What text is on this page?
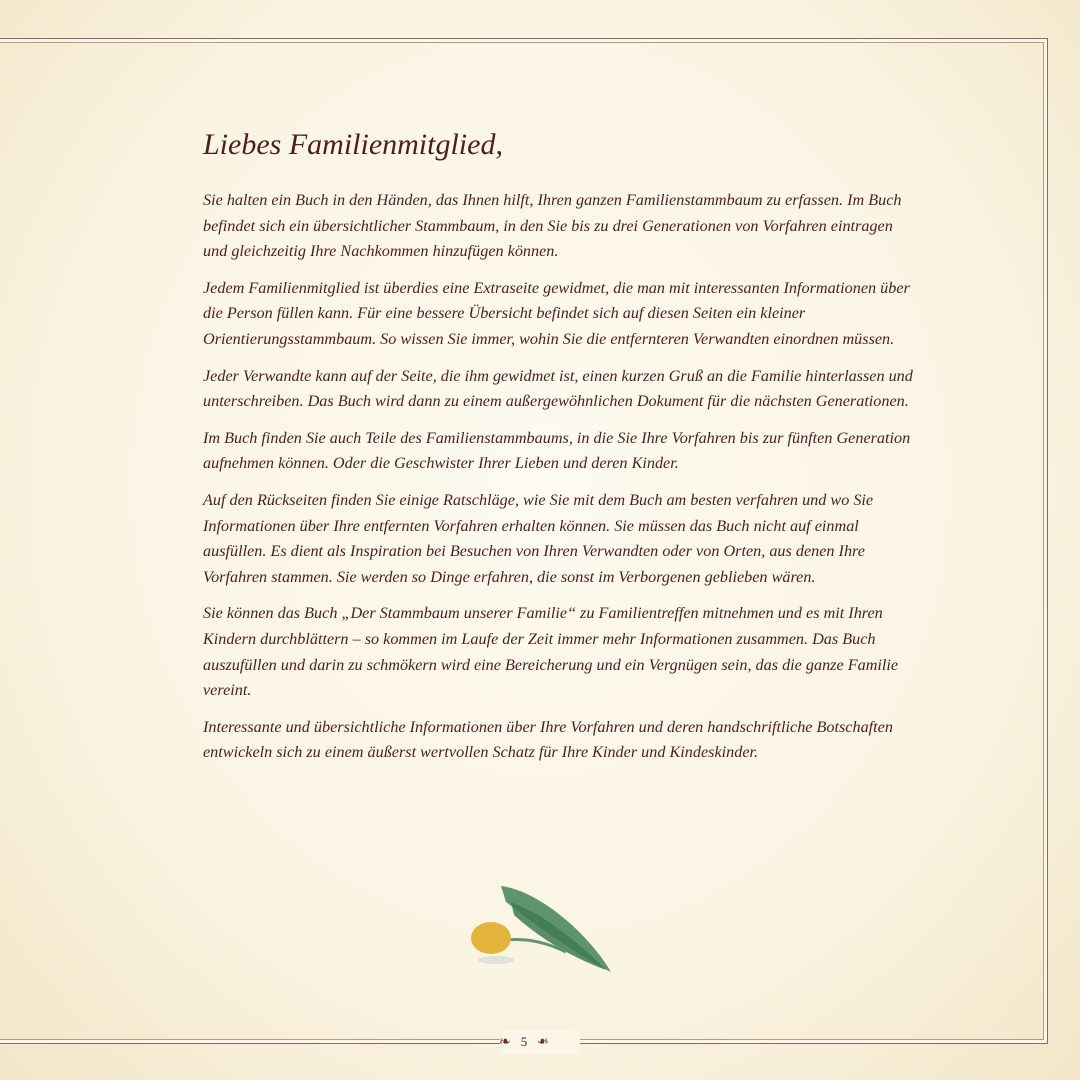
Liebes Familienmitglied,

Sie halten ein Buch in den Händen, das Ihnen hilft, Ihren ganzen Familienstammbaum zu erfassen. Im Buch befindet sich ein übersichtlicher Stammbaum, in den Sie bis zu drei Generationen von Vorfahren eintragen und gleichzeitig Ihre Nachkommen hinzufügen können.

Jedem Familienmitglied ist überdies eine Extraseite gewidmet, die man mit interessanten Informationen über die Person füllen kann. Für eine bessere Übersicht befindet sich auf diesen Seiten ein kleiner Orientierungsstammbaum. So wissen Sie immer, wohin Sie die entfernteren Verwandten einordnen müssen.

Jeder Verwandte kann auf der Seite, die ihm gewidmet ist, einen kurzen Gruß an die Familie hinterlassen und unterschreiben. Das Buch wird dann zu einem außergewöhnlichen Dokument für die nächsten Generationen.

Im Buch finden Sie auch Teile des Familienstammbaums, in die Sie Ihre Vorfahren bis zur fünften Generation aufnehmen können. Oder die Geschwister Ihrer Lieben und deren Kinder.

Auf den Rückseiten finden Sie einige Ratschläge, wie Sie mit dem Buch am besten verfahren und wo Sie Informationen über Ihre entfernten Vorfahren erhalten können. Sie müssen das Buch nicht auf einmal ausfüllen. Es dient als Inspiration bei Besuchen von Ihren Verwandten oder von Orten, aus denen Ihre Vorfahren stammen. Sie werden so Dinge erfahren, die sonst im Verborgenen geblieben wären.

Sie können das Buch „Der Stammbaum unserer Familie“ zu Familientreffen mitnehmen und es mit Ihren Kindern durchblättern – so kommen im Laufe der Zeit immer mehr Informationen zusammen. Das Buch auszufüllen und darin zu schmökern wird eine Bereicherung und ein Vergnügen sein, das die ganze Familie vereint.

Interessante und übersichtliche Informationen über Ihre Vorfahren und deren handschriftliche Botschaften entwickeln sich zu einem äußerst wertvollen Schatz für Ihre Kinder und Kindeskinder.

❧ 5 ❧
